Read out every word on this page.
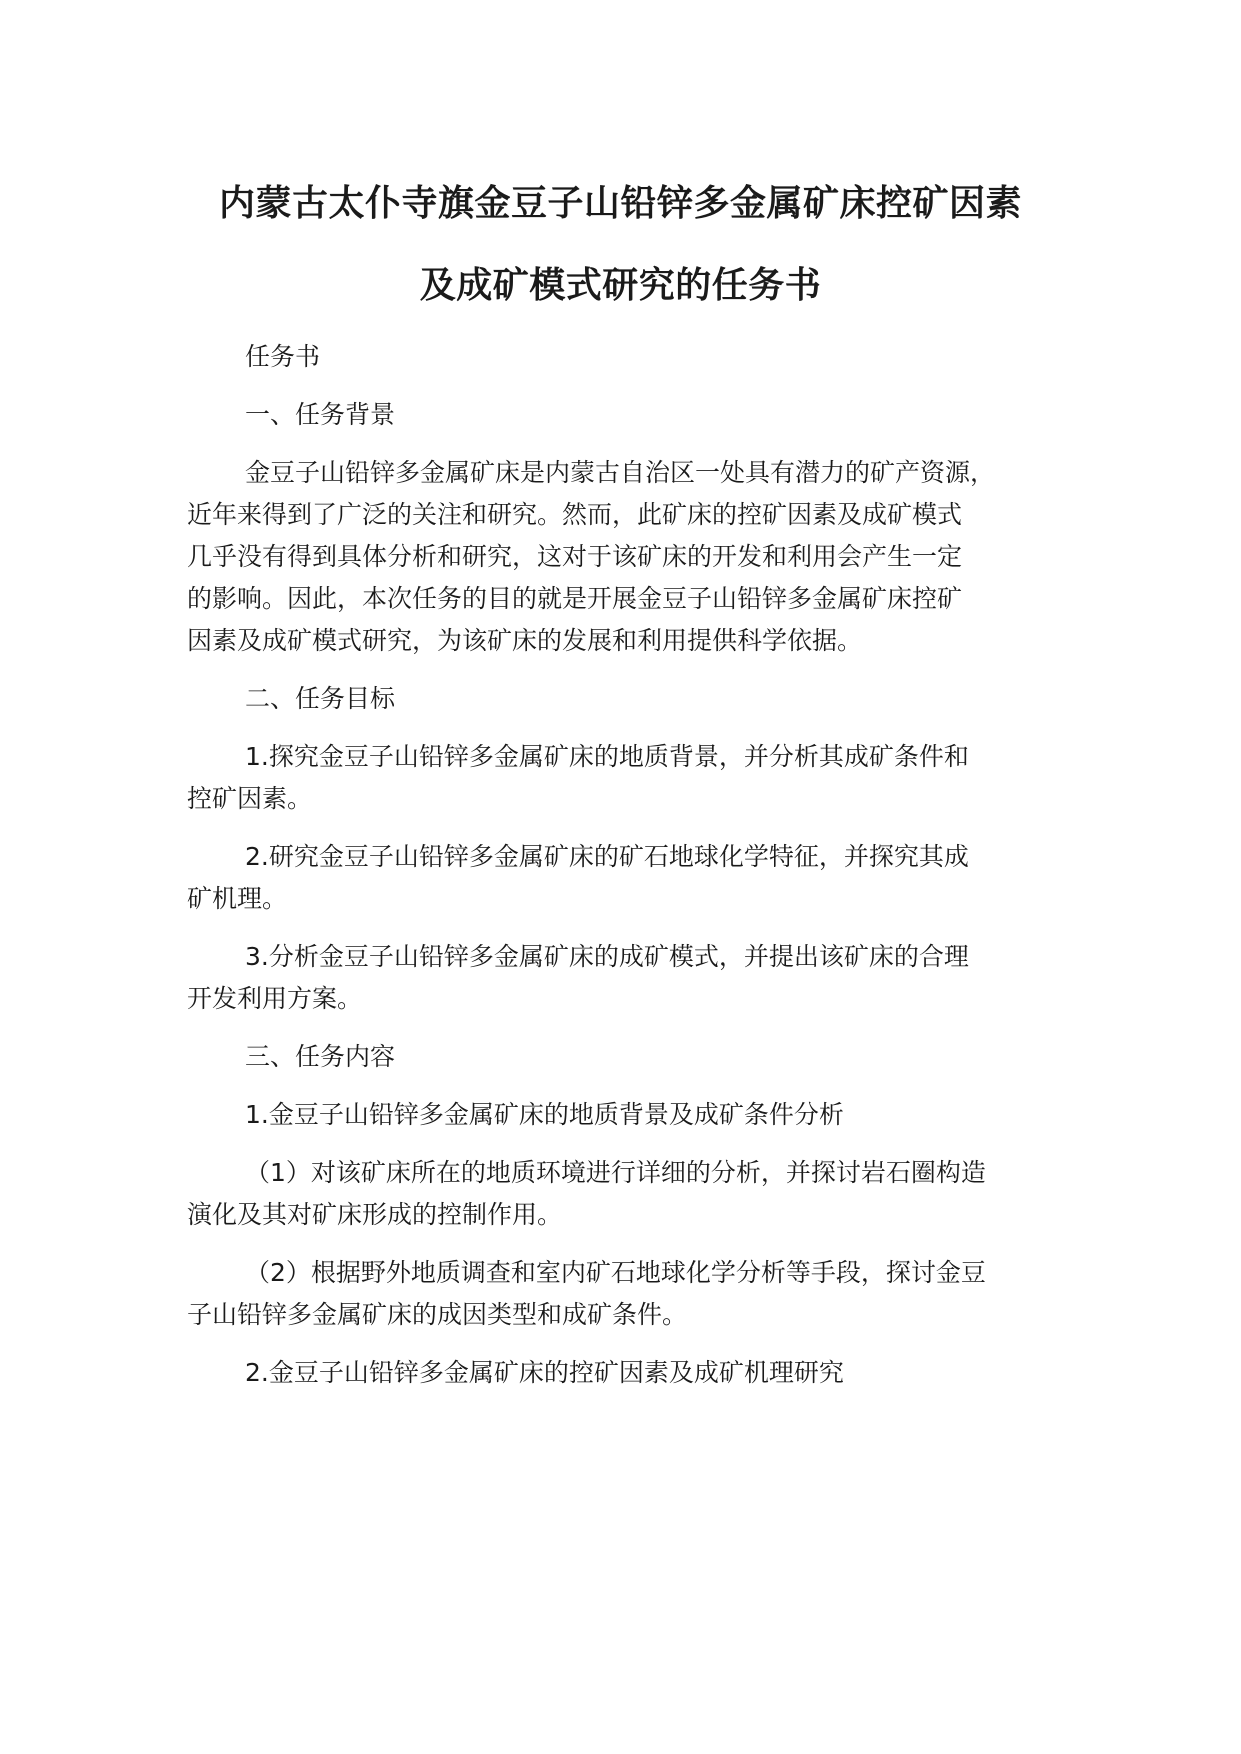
内蒙古太仆寺旗金豆子山铅锌多金属矿床控矿因素
及成矿模式研究的任务书
任务书
一、任务背景
金豆子山铅锌多金属矿床是内蒙古自治区一处具有潜力的矿产资源，
近年来得到了广泛的关注和研究。然而，此矿床的控矿因素及成矿模式
几乎没有得到具体分析和研究，这对于该矿床的开发和利用会产生一定
的影响。因此，本次任务的目的就是开展金豆子山铅锌多金属矿床控矿
因素及成矿模式研究，为该矿床的发展和利用提供科学依据。
二、任务目标
1.探究金豆子山铅锌多金属矿床的地质背景，并分析其成矿条件和
控矿因素。
2.研究金豆子山铅锌多金属矿床的矿石地球化学特征，并探究其成
矿机理。
3.分析金豆子山铅锌多金属矿床的成矿模式，并提出该矿床的合理
开发利用方案。
三、任务内容
1.金豆子山铅锌多金属矿床的地质背景及成矿条件分析
（1）对该矿床所在的地质环境进行详细的分析，并探讨岩石圈构造
演化及其对矿床形成的控制作用。
（2）根据野外地质调查和室内矿石地球化学分析等手段，探讨金豆
子山铅锌多金属矿床的成因类型和成矿条件。
2.金豆子山铅锌多金属矿床的控矿因素及成矿机理研究
